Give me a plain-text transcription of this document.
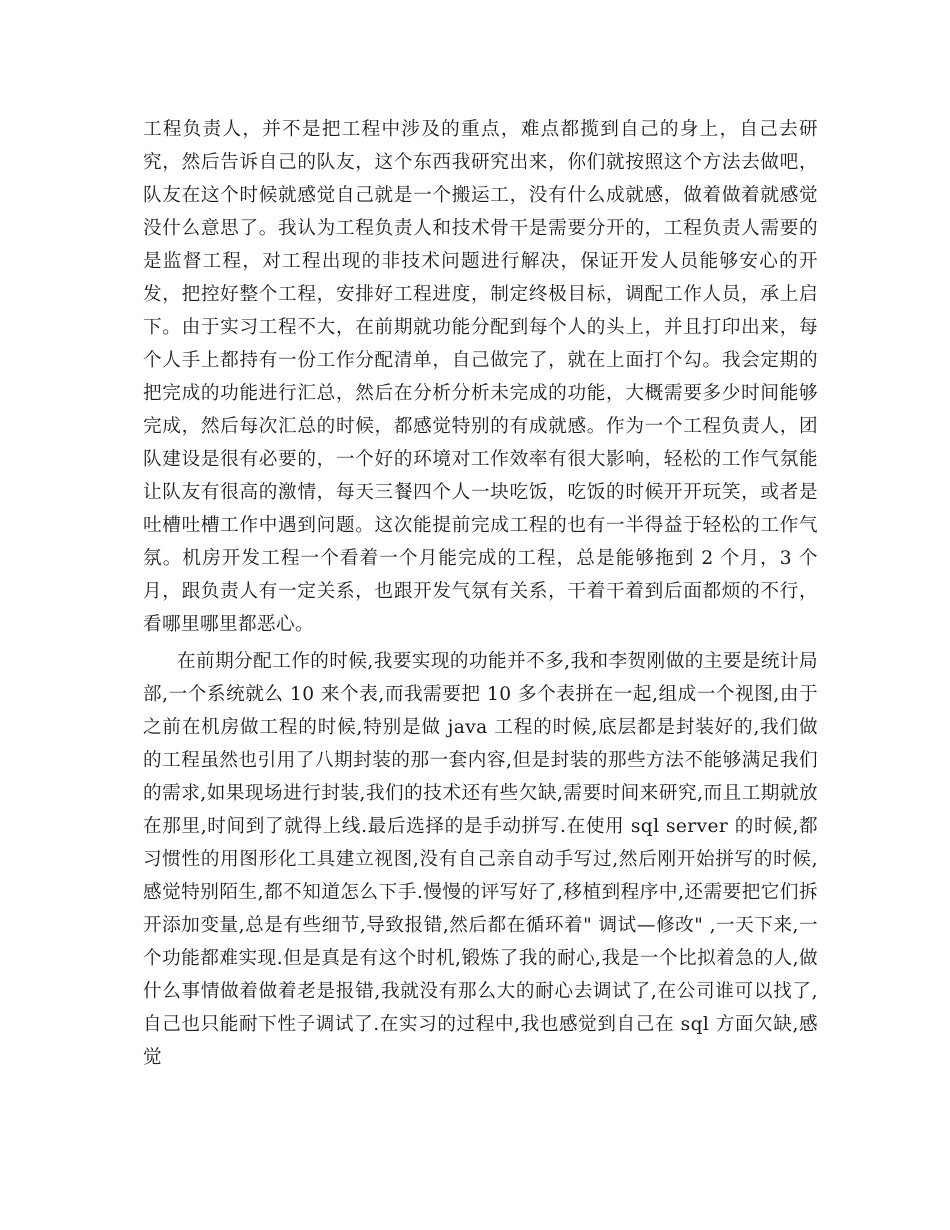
工程负责人，并不是把工程中涉及的重点，难点都揽到自己的身上，自己去研究，然后告诉自己的队友，这个东西我研究出来，你们就按照这个方法去做吧，队友在这个时候就感觉自己就是一个搬运工，没有什么成就感，做着做着就感觉没什么意思了。我认为工程负责人和技术骨干是需要分开的，工程负责人需要的是监督工程，对工程出现的非技术问题进行解决，保证开发人员能够安心的开发，把控好整个工程，安排好工程进度，制定终极目标，调配工作人员，承上启下。由于实习工程不大，在前期就功能分配到每个人的头上，并且打印出来，每个人手上都持有一份工作分配清单，自己做完了，就在上面打个勾。我会定期的把完成的功能进行汇总，然后在分析分析未完成的功能，大概需要多少时间能够完成，然后每次汇总的时候，都感觉特别的有成就感。作为一个工程负责人，团队建设是很有必要的，一个好的环境对工作效率有很大影响，轻松的工作气氛能让队友有很高的激情，每天三餐四个人一块吃饭，吃饭的时候开开玩笑，或者是吐槽吐槽工作中遇到问题。这次能提前完成工程的也有一半得益于轻松的工作气氛。机房开发工程一个看着一个月能完成的工程，总是能够拖到 2 个月，3 个月，跟负责人有一定关系，也跟开发气氛有关系，干着干着到后面都烦的不行，看哪里哪里都恶心。

在前期分配工作的时候,我要实现的功能并不多,我和李贺刚做的主要是统计局部,一个系统就么 10 来个表,而我需要把 10 多个表拼在一起,组成一个视图,由于之前在机房做工程的时候,特别是做 java 工程的时候,底层都是封装好的,我们做的工程虽然也引用了八期封装的那一套内容,但是封装的那些方法不能够满足我们的需求,如果现场进行封装,我们的技术还有些欠缺,需要时间来研究,而且工期就放在那里,时间到了就得上线.最后选择的是手动拼写.在使用 sql server 的时候,都习惯性的用图形化工具建立视图,没有自己亲自动手写过,然后刚开始拼写的时候,感觉特别陌生,都不知道怎么下手.慢慢的评写好了,移植到程序中,还需要把它们拆开添加变量,总是有些细节,导致报错,然后都在循环着" 调试—修改" ,一天下来,一个功能都难实现.但是真是有这个时机,锻炼了我的耐心,我是一个比拟着急的人,做什么事情做着做着老是报错,我就没有那么大的耐心去调试了,在公司谁可以找了,自己也只能耐下性子调试了.在实习的过程中,我也感觉到自己在 sql 方面欠缺,感觉
